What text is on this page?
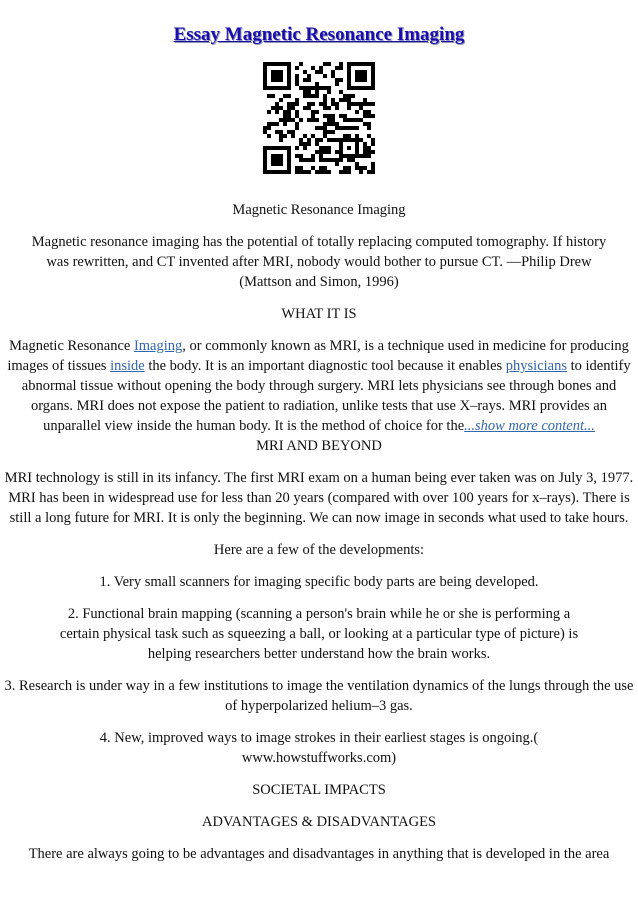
Essay Magnetic Resonance Imaging

Magnetic Resonance Imaging

Magnetic resonance imaging has the potential of totally replacing computed tomography. If history was rewritten, and CT invented after MRI, nobody would bother to pursue CT. ―Philip Drew (Mattson and Simon, 1996)

WHAT IT IS

Magnetic Resonance Imaging, or commonly known as MRI, is a technique used in medicine for producing images of tissues inside the body. It is an important diagnostic tool because it enables physicians to identify abnormal tissue without opening the body through surgery. MRI lets physicians see through bones and organs. MRI does not expose the patient to radiation, unlike tests that use X–rays. MRI provides an unparallel view inside the human body. It is the method of choice for the...show more content...

MRI AND BEYOND

MRI technology is still in its infancy. The first MRI exam on a human being ever taken was on July 3, 1977. MRI has been in widespread use for less than 20 years (compared with over 100 years for x–rays). There is still a long future for MRI. It is only the beginning. We can now image in seconds what used to take hours.

Here are a few of the developments:

1. Very small scanners for imaging specific body parts are being developed.

2. Functional brain mapping (scanning a person's brain while he or she is performing a certain physical task such as squeezing a ball, or looking at a particular type of picture) is helping researchers better understand how the brain works.

3. Research is under way in a few institutions to image the ventilation dynamics of the lungs through the use of hyperpolarized helium–3 gas.

4. New, improved ways to image strokes in their earliest stages is ongoing.( www.howstuffworks.com)

SOCIETAL IMPACTS

ADVANTAGES & DISADVANTAGES

There are always going to be advantages and disadvantages in anything that is developed in the area
